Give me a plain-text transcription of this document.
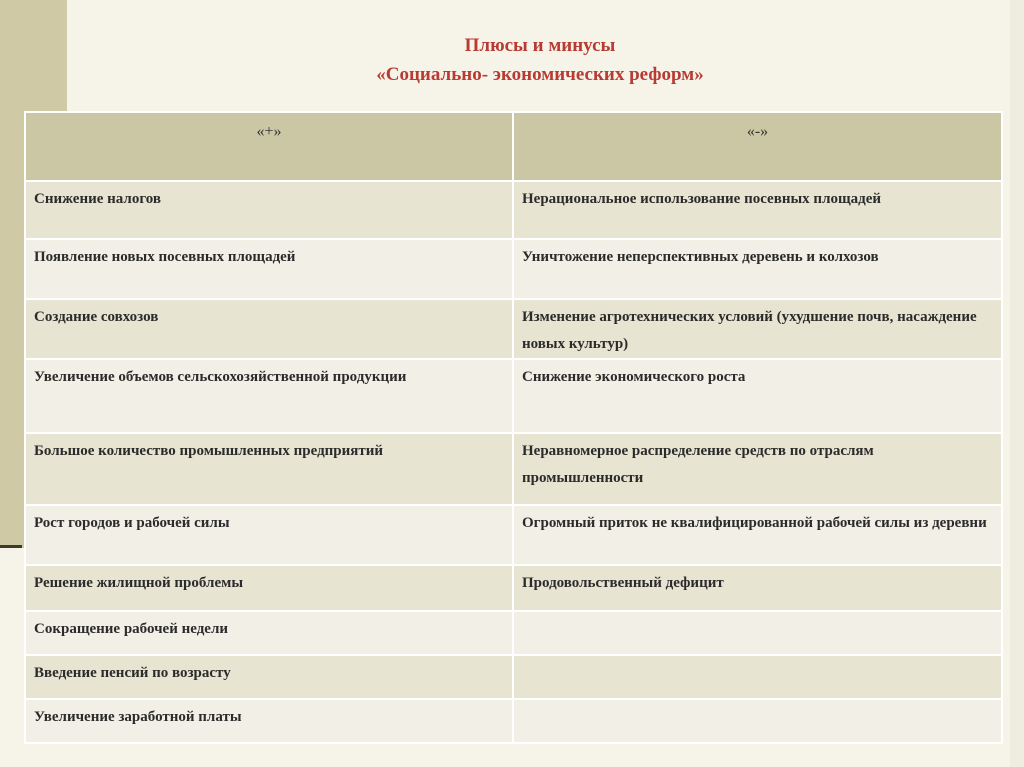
Плюсы и минусы
«Социально- экономических реформ»
«+»	«-»
Снижение налогов	Нерациональное использование посевных площадей
Появление новых посевных площадей	Уничтожение неперспективных деревень и колхозов
Создание совхозов	Изменение агротехнических условий (ухудшение почв, насаждение новых культур)
Увеличение объемов сельскохозяйственной продукции	Снижение экономического роста
Большое количество промышленных предприятий	Неравномерное распределение средств по отраслям промышленности
Рост городов и рабочей силы	Огромный приток не квалифицированной рабочей силы из деревни
Решение жилищной проблемы	Продовольственный дефицит
Сокращение рабочей недели	
Введение пенсий по возрасту	
Увеличение заработной платы	
